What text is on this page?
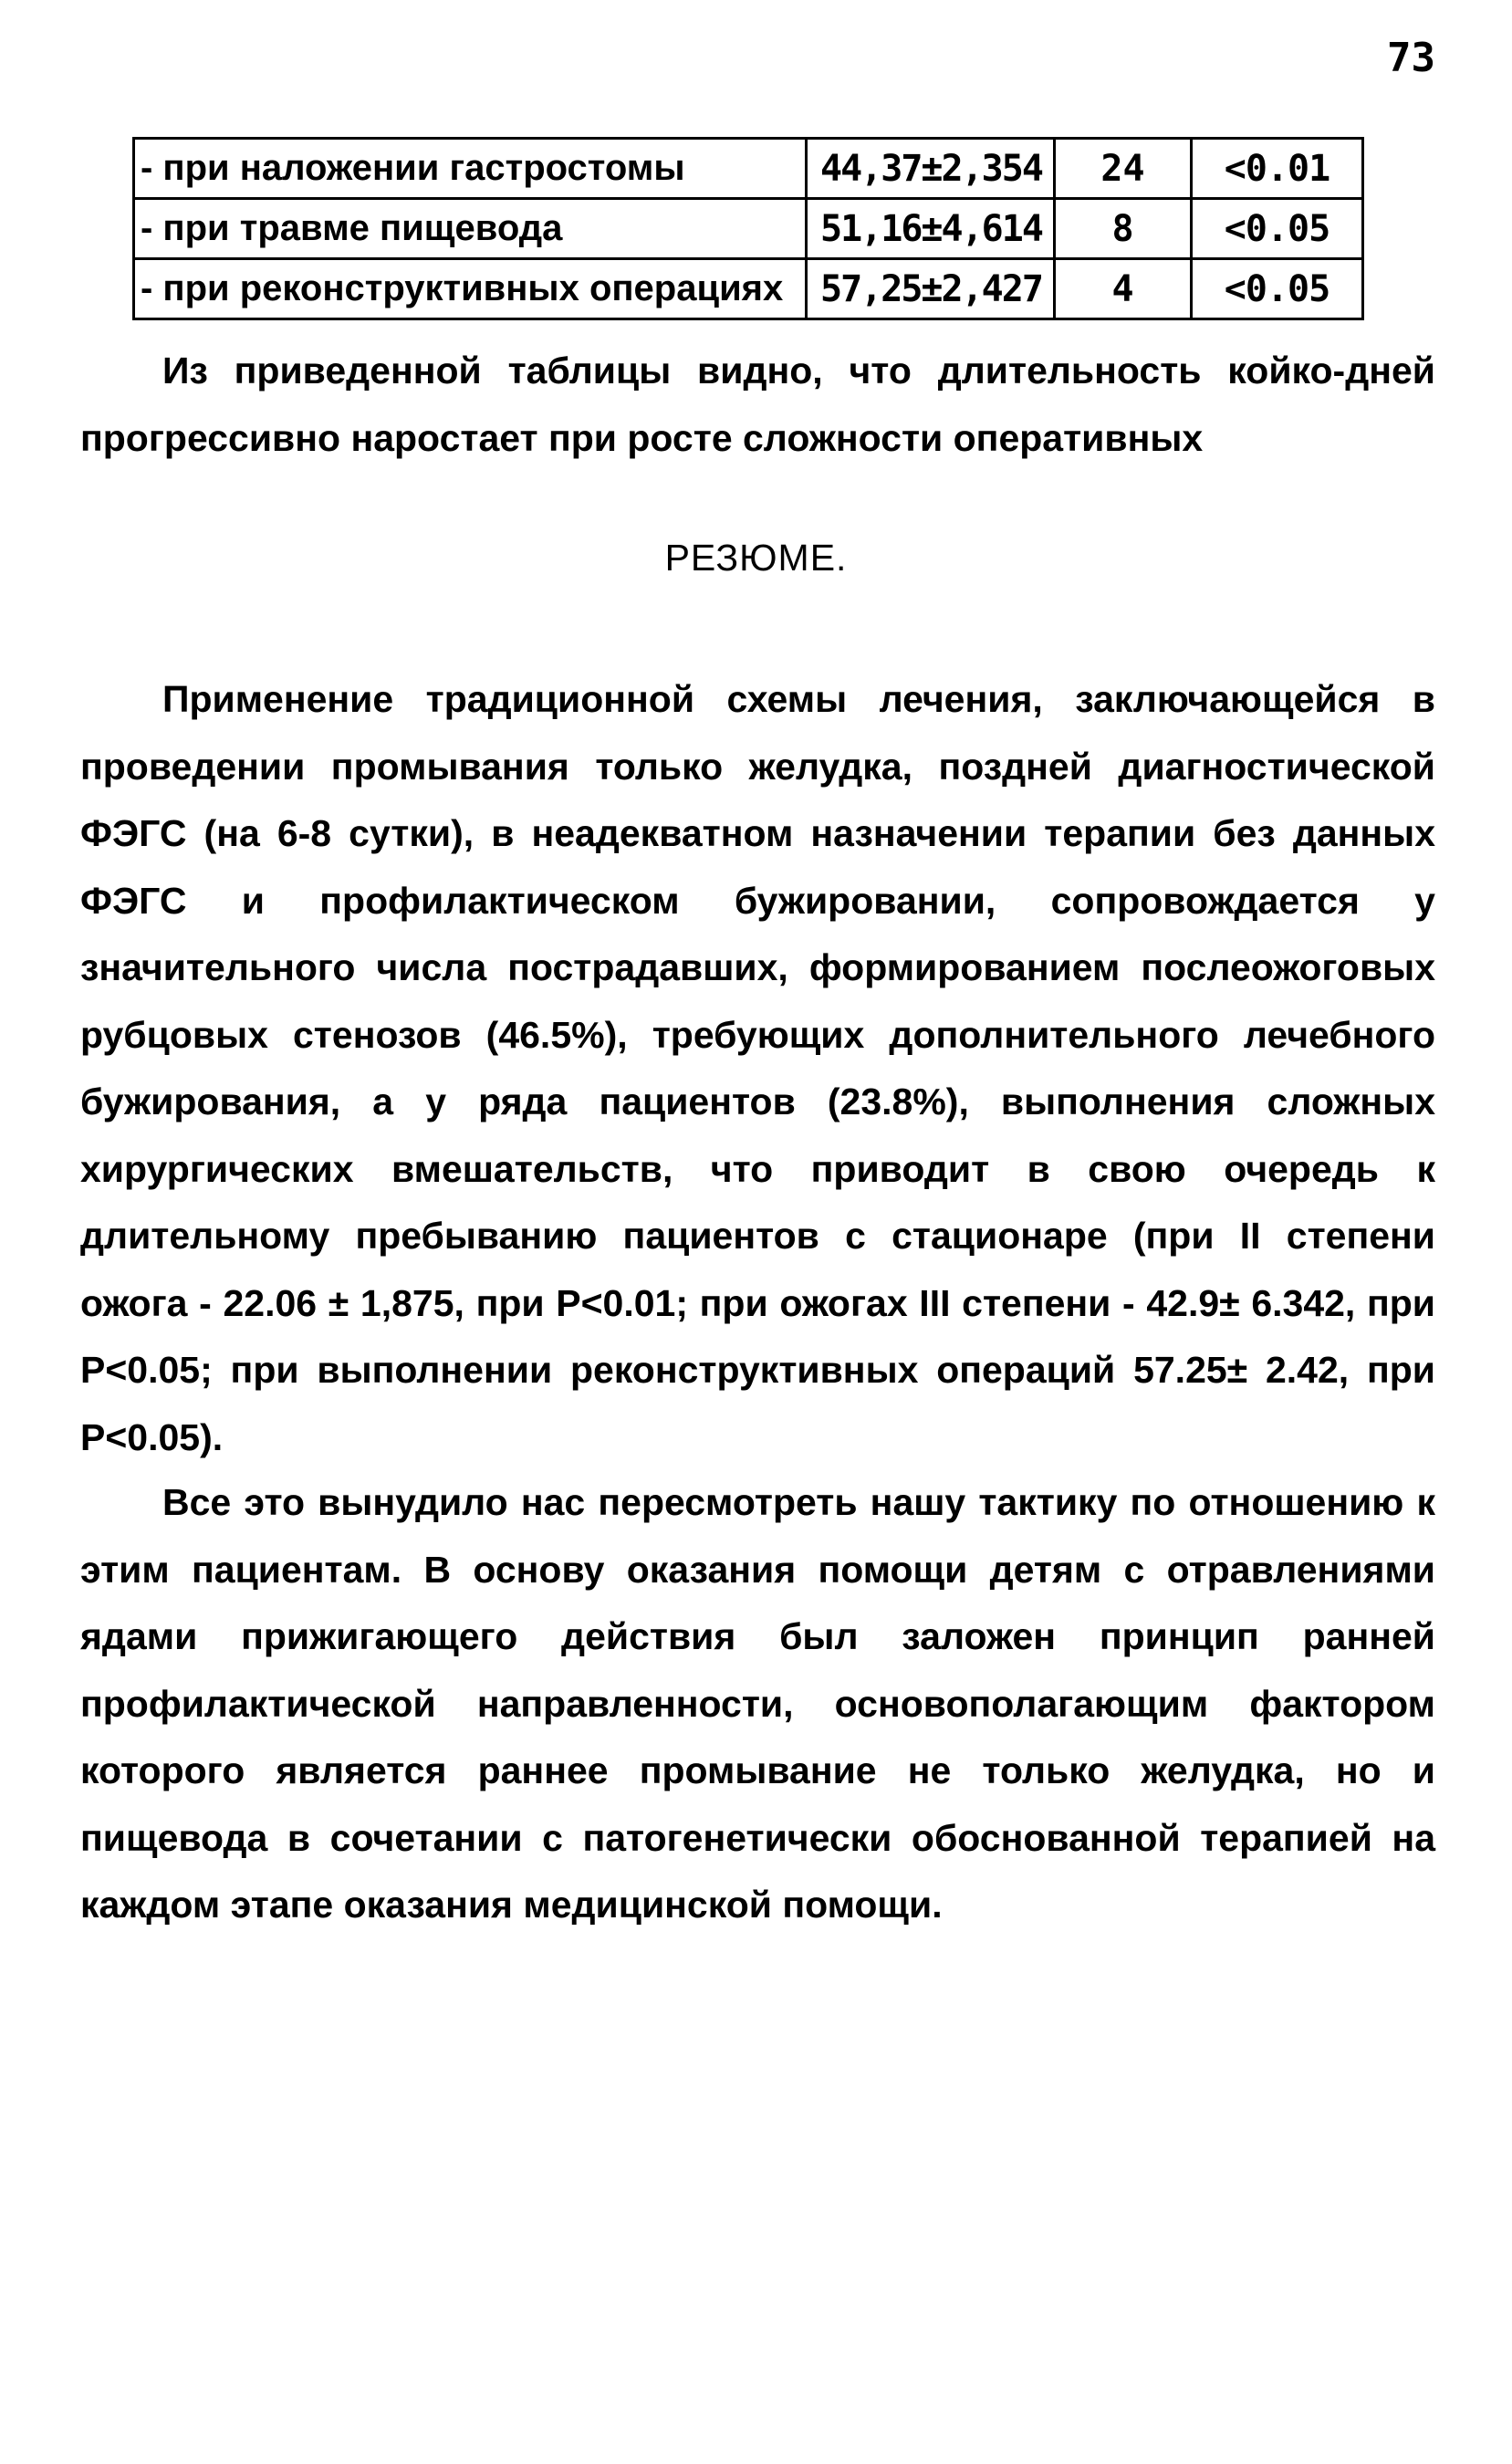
73
- при наложении гастростомы	44,37±2,354	24	<0.01
- при травме пищевода	51,16±4,614	8	<0.05
- при реконструктивных операциях	57,25±2,427	4	<0.05

Из приведенной таблицы видно, что длительность койко-дней прогрессивно наростает при росте сложности оперативных

РЕЗЮМЕ.

Применение традиционной схемы лечения, заключающейся в проведении промывания только желудка, поздней диагностической ФЭГС (на 6-8 сутки), в неадекватном назначении терапии без данных ФЭГС и профилактическом бужировании, сопровождается у значительного числа пострадавших, формированием послеожоговых рубцовых стенозов (46.5%), требующих дополнительного лечебного бужирования, а у ряда пациентов (23.8%), выполнения сложных хирургических вмешательств, что приводит в свою очередь к длительному пребыванию пациентов с стационаре (при II степени ожога - 22.06 ± 1,875, при Р<0.01; при ожогах III степени - 42.9± 6.342, при Р<0.05; при выполнении реконструктивных операций 57.25± 2.42, при Р<0.05).

Все это вынудило нас пересмотреть нашу тактику по отношению к этим пациентам. В основу оказания помощи детям с отравлениями ядами прижигающего действия был заложен принцип ранней профилактической направленности, основополагающим фактором которого является раннее промывание не только желудка, но и пищевода в сочетании с патогенетически обоснованной терапией на каждом этапе оказания медицинской помощи.
